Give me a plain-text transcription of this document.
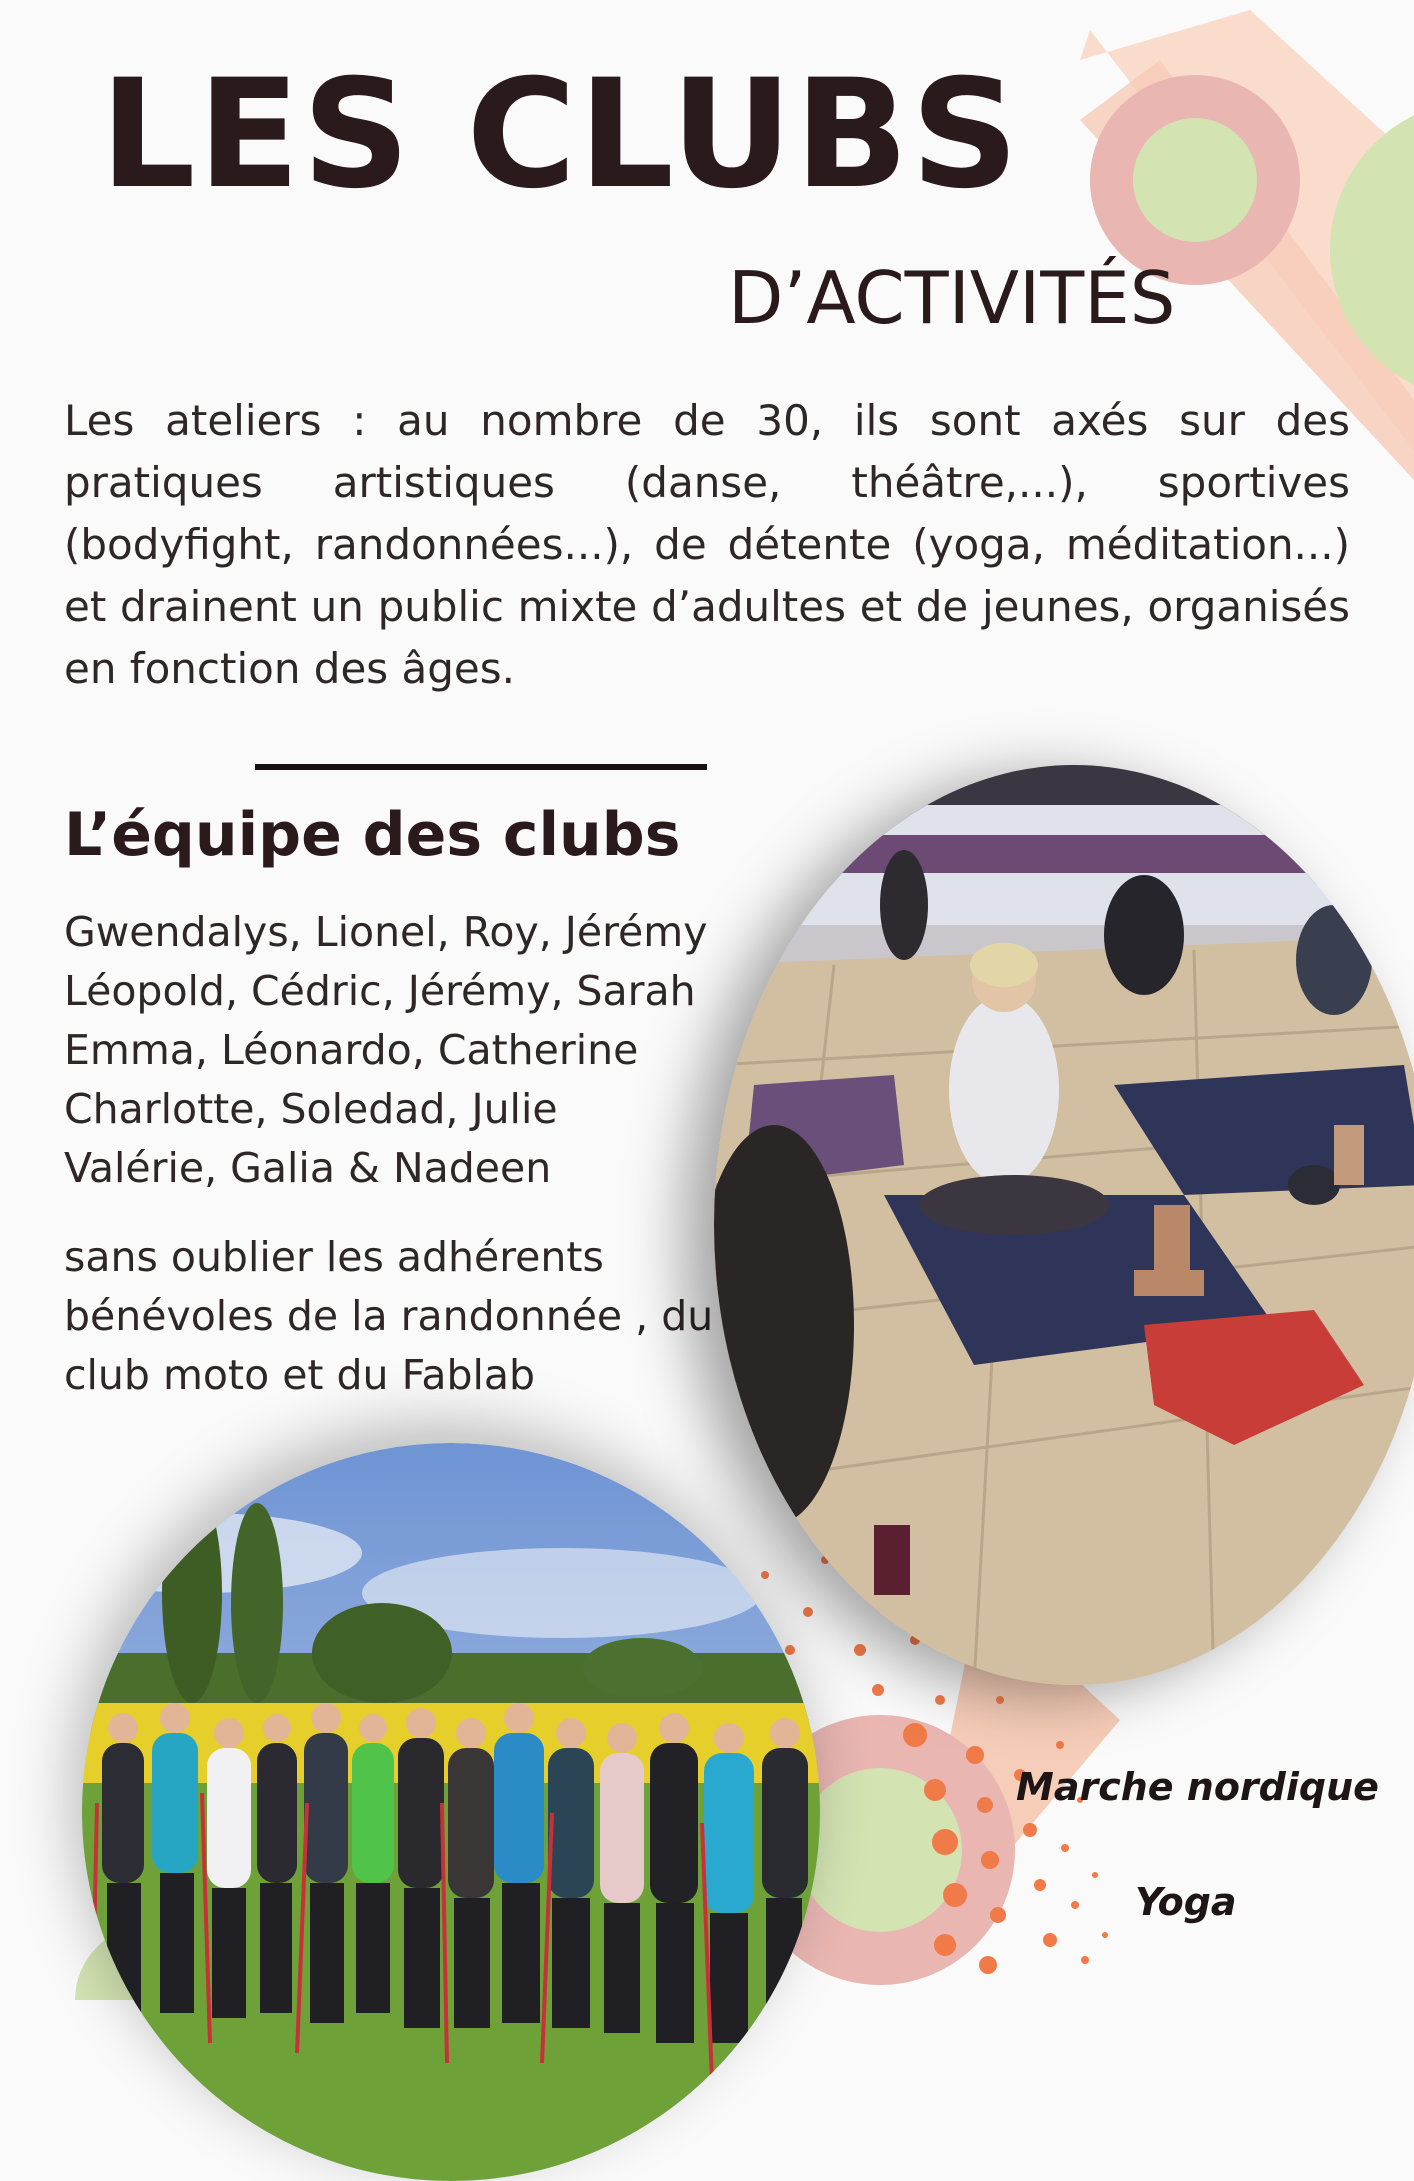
LES CLUBS
D’ACTIVITÉS

Les ateliers : au nombre de 30, ils sont axés sur des pratiques artistiques (danse, théâtre,...), sportives (bodyfight, randonnées...), de détente (yoga, méditation...) et drainent un public mixte d’adultes et de jeunes, organisés en fonction des âges.

L’équipe des clubs
Gwendalys, Lionel, Roy, Jérémy
Léopold, Cédric, Jérémy, Sarah
Emma, Léonardo, Catherine
Charlotte, Soledad, Julie
Valérie, Galia & Nadeen

sans oublier les adhérents bénévoles de la randonnée , du club moto et du Fablab

Marche nordique

Yoga
